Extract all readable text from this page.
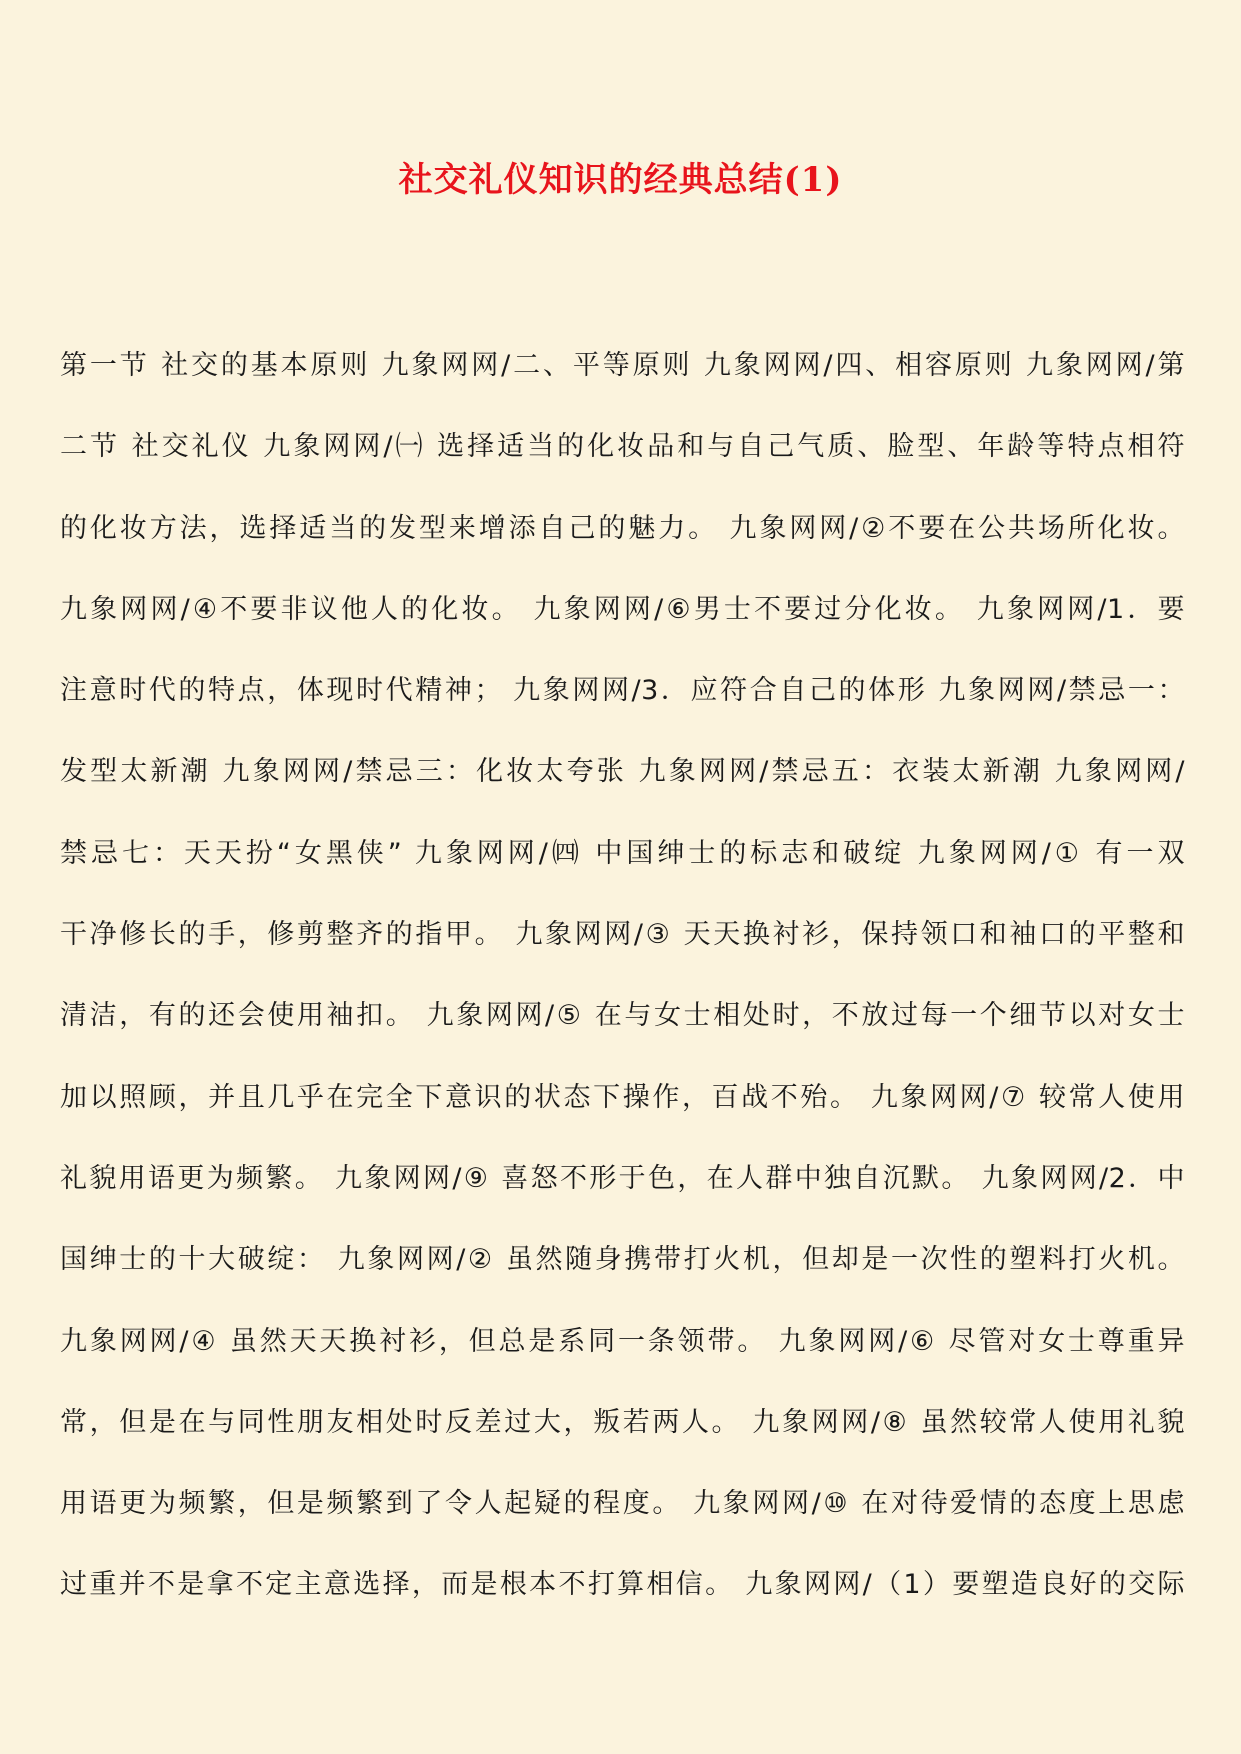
社交礼仪知识的经典总结(1)
第一节 社交的基本原则 九象网网/二、平等原则 九象网网/四、相容原则 九象网网/第
二节 社交礼仪 九象网网/㈠ 选择适当的化妆品和与自己气质、脸型、年龄等特点相符
的化妆方法，选择适当的发型来增添自己的魅力。 九象网网/②不要在公共场所化妆。
九象网网/④不要非议他人的化妆。 九象网网/⑥男士不要过分化妆。 九象网网/1．要
注意时代的特点，体现时代精神； 九象网网/3．应符合自己的体形 九象网网/禁忌一：
发型太新潮 九象网网/禁忌三：化妆太夸张 九象网网/禁忌五：衣装太新潮 九象网网/
禁忌七：天天扮“女黑侠” 九象网网/㈣ 中国绅士的标志和破绽 九象网网/① 有一双
干净修长的手，修剪整齐的指甲。 九象网网/③ 天天换衬衫，保持领口和袖口的平整和
清洁，有的还会使用袖扣。 九象网网/⑤ 在与女士相处时，不放过每一个细节以对女士
加以照顾，并且几乎在完全下意识的状态下操作，百战不殆。 九象网网/⑦ 较常人使用
礼貌用语更为频繁。 九象网网/⑨ 喜怒不形于色，在人群中独自沉默。 九象网网/2．中
国绅士的十大破绽： 九象网网/② 虽然随身携带打火机，但却是一次性的塑料打火机。
九象网网/④ 虽然天天换衬衫，但总是系同一条领带。 九象网网/⑥ 尽管对女士尊重异
常，但是在与同性朋友相处时反差过大，叛若两人。 九象网网/⑧ 虽然较常人使用礼貌
用语更为频繁，但是频繁到了令人起疑的程度。 九象网网/⑩ 在对待爱情的态度上思虑
过重并不是拿不定主意选择，而是根本不打算相信。 九象网网/（1）要塑造良好的交际
